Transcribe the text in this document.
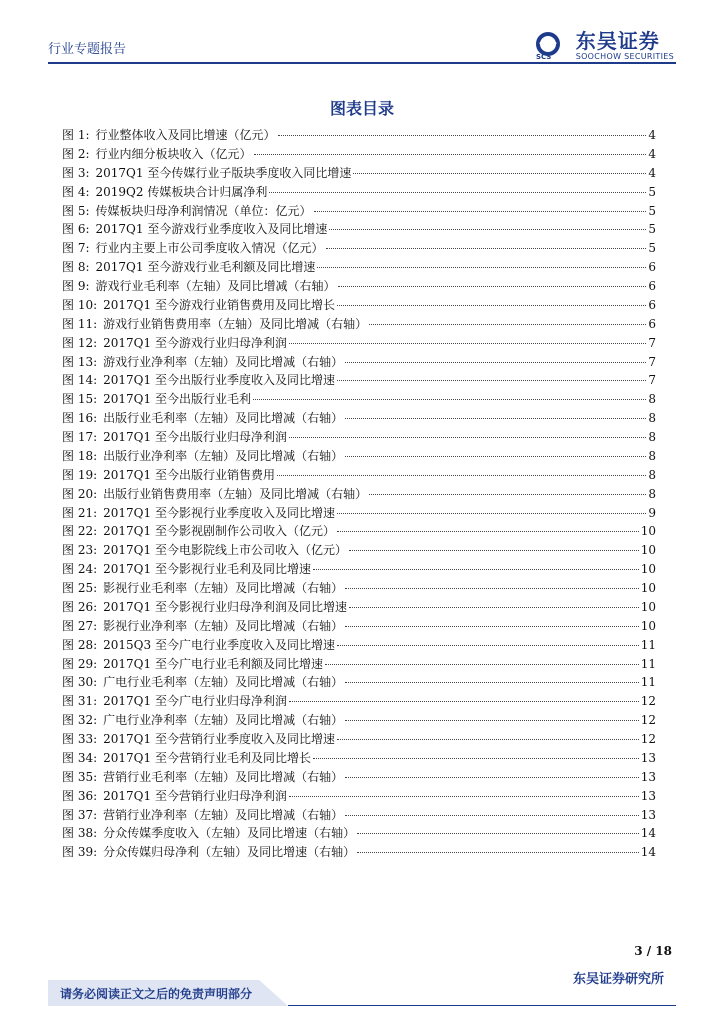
行业专题报告	SCS
东吴证券
SOOCHOW SECURITIES
图表目录
图 1: 行业整体收入及同比增速（亿元）	4
图 2: 行业内细分板块收入（亿元）	4
图 3: 2017Q1 至今传媒行业子版块季度收入同比增速	4
图 4: 2019Q2 传媒板块合计归属净利	5
图 5: 传媒板块归母净利润情况（单位：亿元）	5
图 6: 2017Q1 至今游戏行业季度收入及同比增速	5
图 7: 行业内主要上市公司季度收入情况（亿元）	5
图 8: 2017Q1 至今游戏行业毛利额及同比增速	6
图 9: 游戏行业毛利率（左轴）及同比增减（右轴）	6
图 10: 2017Q1 至今游戏行业销售费用及同比增长	6
图 11: 游戏行业销售费用率（左轴）及同比增减（右轴）	6
图 12: 2017Q1 至今游戏行业归母净利润	7
图 13: 游戏行业净利率（左轴）及同比增减（右轴）	7
图 14: 2017Q1 至今出版行业季度收入及同比增速	7
图 15: 2017Q1 至今出版行业毛利	8
图 16: 出版行业毛利率（左轴）及同比增减（右轴）	8
图 17: 2017Q1 至今出版行业归母净利润	8
图 18: 出版行业净利率（左轴）及同比增减（右轴）	8
图 19: 2017Q1 至今出版行业销售费用	8
图 20: 出版行业销售费用率（左轴）及同比增减（右轴）	8
图 21: 2017Q1 至今影视行业季度收入及同比增速	9
图 22: 2017Q1 至今影视剧制作公司收入（亿元）	10
图 23: 2017Q1 至今电影院线上市公司收入（亿元）	10
图 24: 2017Q1 至今影视行业毛利及同比增速	10
图 25: 影视行业毛利率（左轴）及同比增减（右轴）	10
图 26: 2017Q1 至今影视行业归母净利润及同比增速	10
图 27: 影视行业净利率（左轴）及同比增减（右轴）	10
图 28: 2015Q3 至今广电行业季度收入及同比增速	11
图 29: 2017Q1 至今广电行业毛利额及同比增速	11
图 30: 广电行业毛利率（左轴）及同比增减（右轴）	11
图 31: 2017Q1 至今广电行业归母净利润	12
图 32: 广电行业净利率（左轴）及同比增减（右轴）	12
图 33: 2017Q1 至今营销行业季度收入及同比增速	12
图 34: 2017Q1 至今营销行业毛利及同比增长	13
图 35: 营销行业毛利率（左轴）及同比增减（右轴）	13
图 36: 2017Q1 至今营销行业归母净利润	13
图 37: 营销行业净利率（左轴）及同比增减（右轴）	13
图 38: 分众传媒季度收入（左轴）及同比增速（右轴）	14
图 39: 分众传媒归母净利（左轴）及同比增速（右轴）	14
3 / 18
东吴证券研究所
请务必阅读正文之后的免责声明部分
